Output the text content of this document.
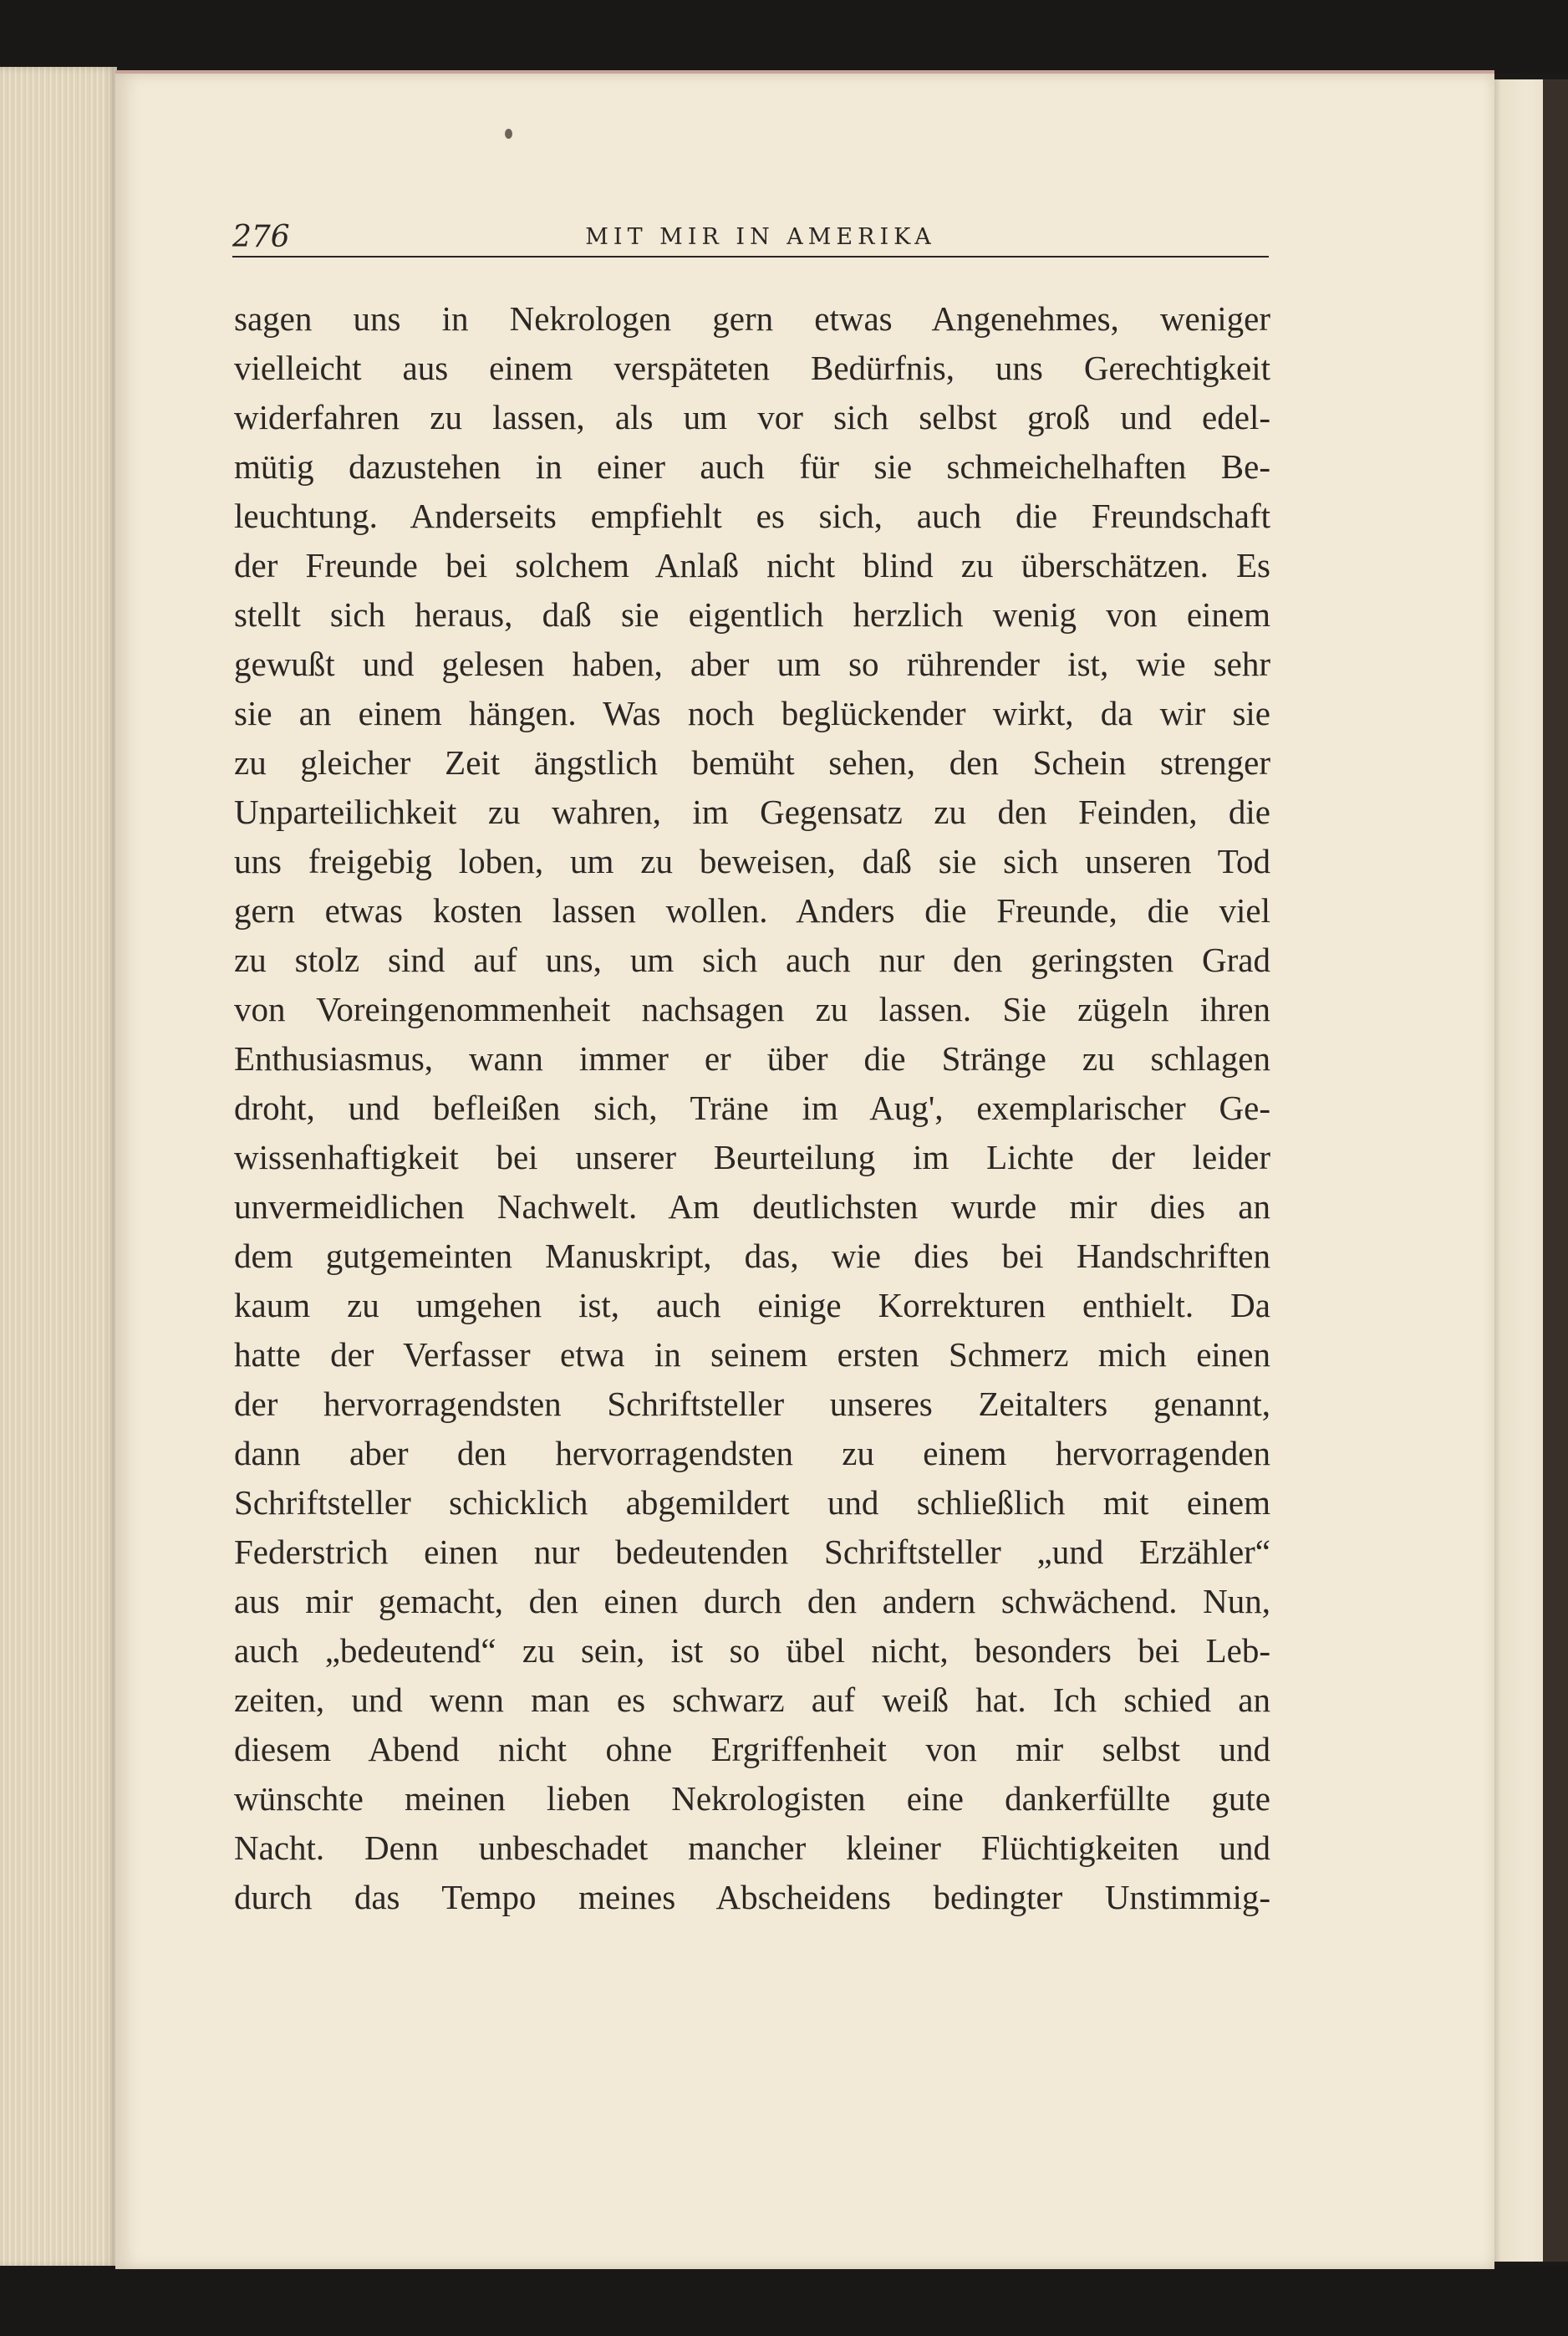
276	MIT MIR IN AMERIKA
sagen uns in Nekrologen gern etwas Angenehmes, weniger
vielleicht aus einem verspäteten Bedürfnis, uns Gerechtigkeit
widerfahren zu lassen, als um vor sich selbst groß und edel-
mütig dazustehen in einer auch für sie schmeichelhaften Be-
leuchtung. Anderseits empfiehlt es sich, auch die Freundschaft
der Freunde bei solchem Anlaß nicht blind zu überschätzen. Es
stellt sich heraus, daß sie eigentlich herzlich wenig von einem
gewußt und gelesen haben, aber um so rührender ist, wie sehr
sie an einem hängen. Was noch beglückender wirkt, da wir sie
zu gleicher Zeit ängstlich bemüht sehen, den Schein strenger
Unparteilichkeit zu wahren, im Gegensatz zu den Feinden, die
uns freigebig loben, um zu beweisen, daß sie sich unseren Tod
gern etwas kosten lassen wollen. Anders die Freunde, die viel
zu stolz sind auf uns, um sich auch nur den geringsten Grad
von Voreingenommenheit nachsagen zu lassen. Sie zügeln ihren
Enthusiasmus, wann immer er über die Stränge zu schlagen
droht, und befleißen sich, Träne im Aug', exemplarischer Ge-
wissenhaftigkeit bei unserer Beurteilung im Lichte der leider
unvermeidlichen Nachwelt. Am deutlichsten wurde mir dies an
dem gutgemeinten Manuskript, das, wie dies bei Handschriften
kaum zu umgehen ist, auch einige Korrekturen enthielt. Da
hatte der Verfasser etwa in seinem ersten Schmerz mich einen
der hervorragendsten Schriftsteller unseres Zeitalters genannt,
dann aber den hervorragendsten zu einem hervorragenden
Schriftsteller schicklich abgemildert und schließlich mit einem
Federstrich einen nur bedeutenden Schriftsteller „und Erzähler“
aus mir gemacht, den einen durch den andern schwächend. Nun,
auch „bedeutend“ zu sein, ist so übel nicht, besonders bei Leb-
zeiten, und wenn man es schwarz auf weiß hat. Ich schied an
diesem Abend nicht ohne Ergriffenheit von mir selbst und
wünschte meinen lieben Nekrologisten eine dankerfüllte gute
Nacht. Denn unbeschadet mancher kleiner Flüchtigkeiten und
durch das Tempo meines Abscheidens bedingter Unstimmig-
